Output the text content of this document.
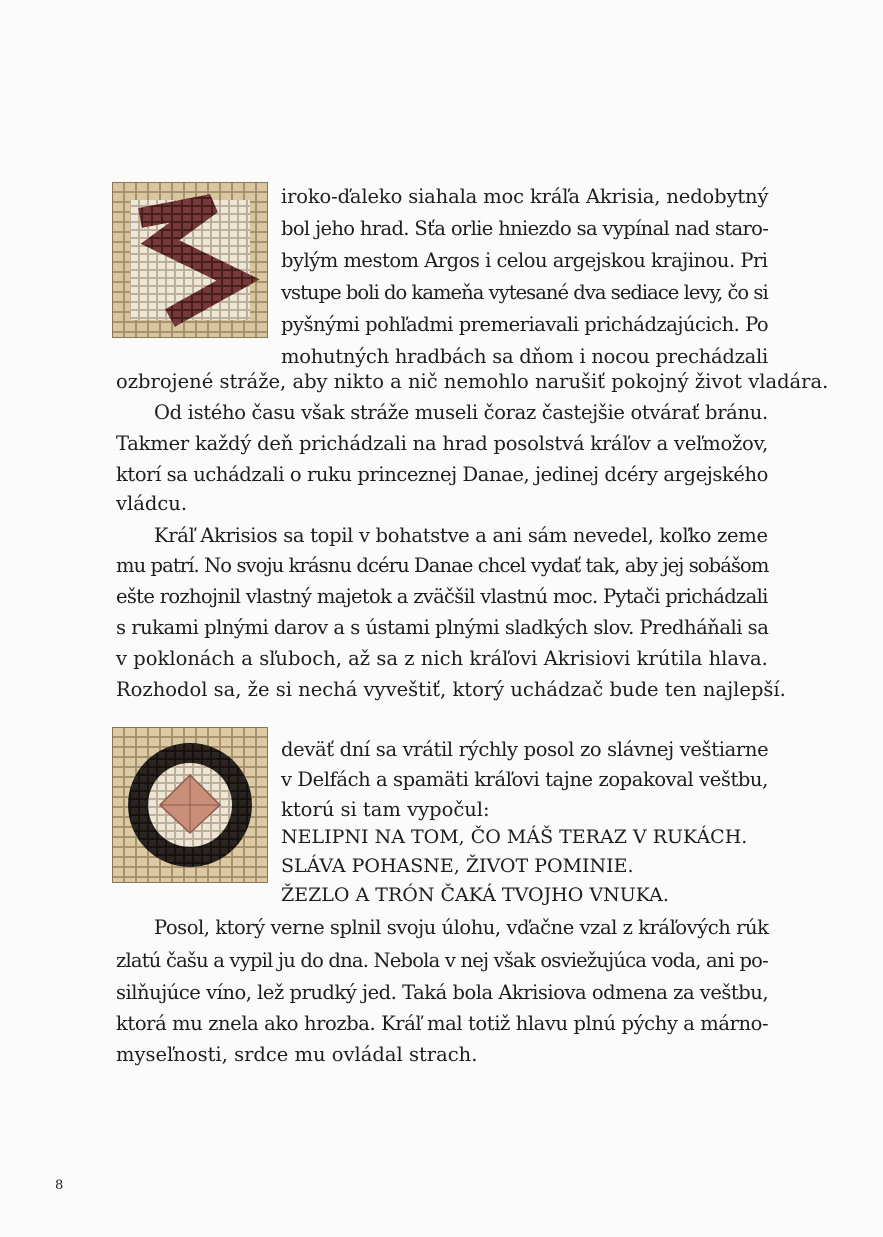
iroko-ďaleko siahala moc kráľa Akrisia, nedobytný
bol jeho hrad. Sťa orlie hniezdo sa vypínal nad staro-
bylým mestom Argos i celou argejskou krajinou. Pri
vstupe boli do kameňa vytesané dva sediace levy, čo si
pyšnými pohľadmi premeriavali prichádzajúcich. Po
mohutných hradbách sa dňom i nocou prechádzali
ozbrojené stráže, aby nikto a nič nemohlo narušiť pokojný život vladára.
Od istého času však stráže museli čoraz častejšie otvárať bránu.
Takmer každý deň prichádzali na hrad posolstvá kráľov a veľmožov,
ktorí sa uchádzali o ruku princeznej Danae, jedinej dcéry argejského
vládcu.
Kráľ Akrisios sa topil v bohatstve a ani sám nevedel, koľko zeme
mu patrí. No svoju krásnu dcéru Danae chcel vydať tak, aby jej sobášom
ešte rozhojnil vlastný majetok a zväčšil vlastnú moc. Pytači prichádzali
s rukami plnými darov a s ústami plnými sladkých slov. Predháňali sa
v poklonách a sľuboch, až sa z nich kráľovi Akrisiovi krútila hlava.
Rozhodol sa, že si nechá vyveštiť, ktorý uchádzač bude ten najlepší.
deväť dní sa vrátil rýchly posol zo slávnej veštiarne
v Delfách a spamäti kráľovi tajne zopakoval veštbu,
ktorú si tam vypočul:
NELIPNI NA TOM, ČO MÁŠ TERAZ V RUKÁCH.
SLÁVA POHASNE, ŽIVOT POMINIE.
ŽEZLO A TRÓN ČAKÁ TVOJHO VNUKA.
Posol, ktorý verne splnil svoju úlohu, vďačne vzal z kráľových rúk
zlatú čašu a vypil ju do dna. Nebola v nej však osviežujúca voda, ani po-
silňujúce víno, lež prudký jed. Taká bola Akrisiova odmena za veštbu,
ktorá mu znela ako hrozba. Kráľ mal totiž hlavu plnú pýchy a márno-
myseľnosti, srdce mu ovládal strach.
8
